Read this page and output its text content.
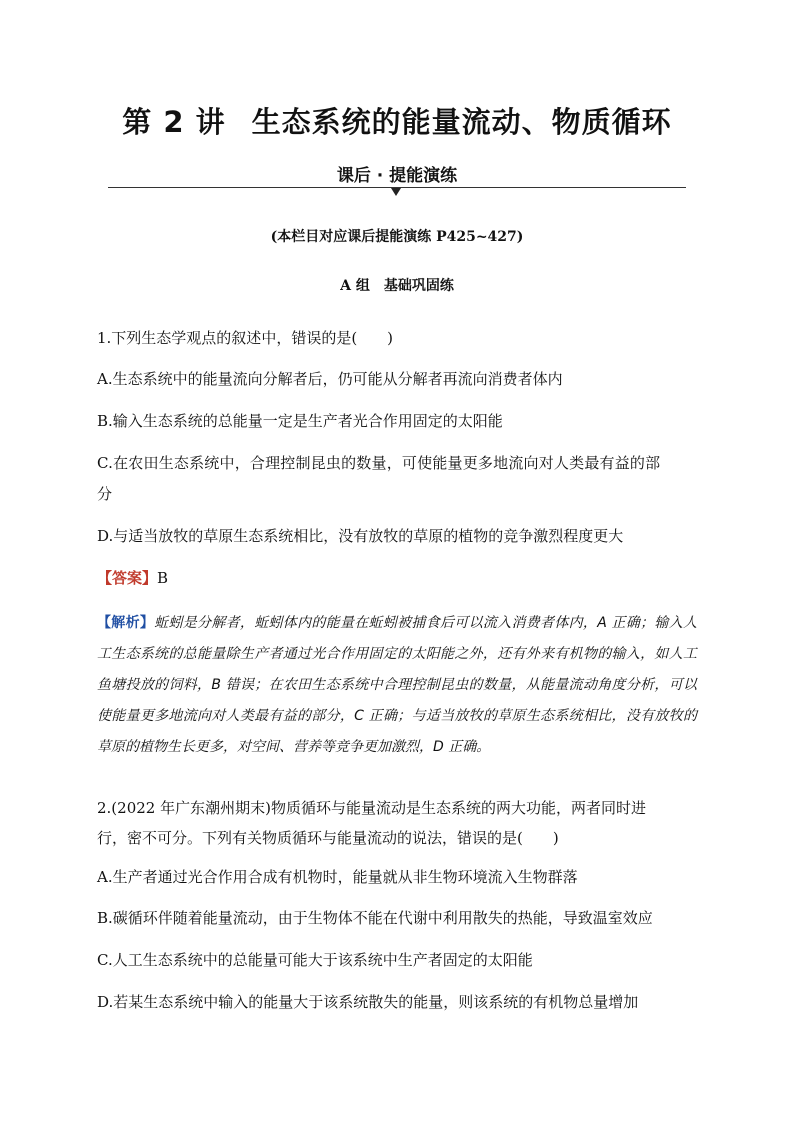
第 2 讲 生态系统的能量流动、物质循环
课后 · 提能演练
(本栏目对应课后提能演练 P425~427)
A 组 基础巩固练
1.下列生态学观点的叙述中，错误的是(　　)
A.生态系统中的能量流向分解者后，仍可能从分解者再流向消费者体内
B.输入生态系统的总能量一定是生产者光合作用固定的太阳能
C.在农田生态系统中，合理控制昆虫的数量，可使能量更多地流向对人类最有益的部
分
D.与适当放牧的草原生态系统相比，没有放牧的草原的植物的竞争激烈程度更大
【答案】B
【解析】蚯蚓是分解者，蚯蚓体内的能量在蚯蚓被捕食后可以流入消费者体内，A 正确；输入人工生态系统的总能量除生产者通过光合作用固定的太阳能之外，还有外来有机物的输入，如人工鱼塘投放的饲料，B 错误；在农田生态系统中合理控制昆虫的数量，从能量流动角度分析，可以使能量更多地流向对人类最有益的部分，C 正确；与适当放牧的草原生态系统相比，没有放牧的草原的植物生长更多，对空间、营养等竞争更加激烈，D 正确。
2.(2022 年广东潮州期末)物质循环与能量流动是生态系统的两大功能，两者同时进
行，密不可分。下列有关物质循环与能量流动的说法，错误的是(　　)
A.生产者通过光合作用合成有机物时，能量就从非生物环境流入生物群落
B.碳循环伴随着能量流动，由于生物体不能在代谢中利用散失的热能，导致温室效应
C.人工生态系统中的总能量可能大于该系统中生产者固定的太阳能
D.若某生态系统中输入的能量大于该系统散失的能量，则该系统的有机物总量增加
